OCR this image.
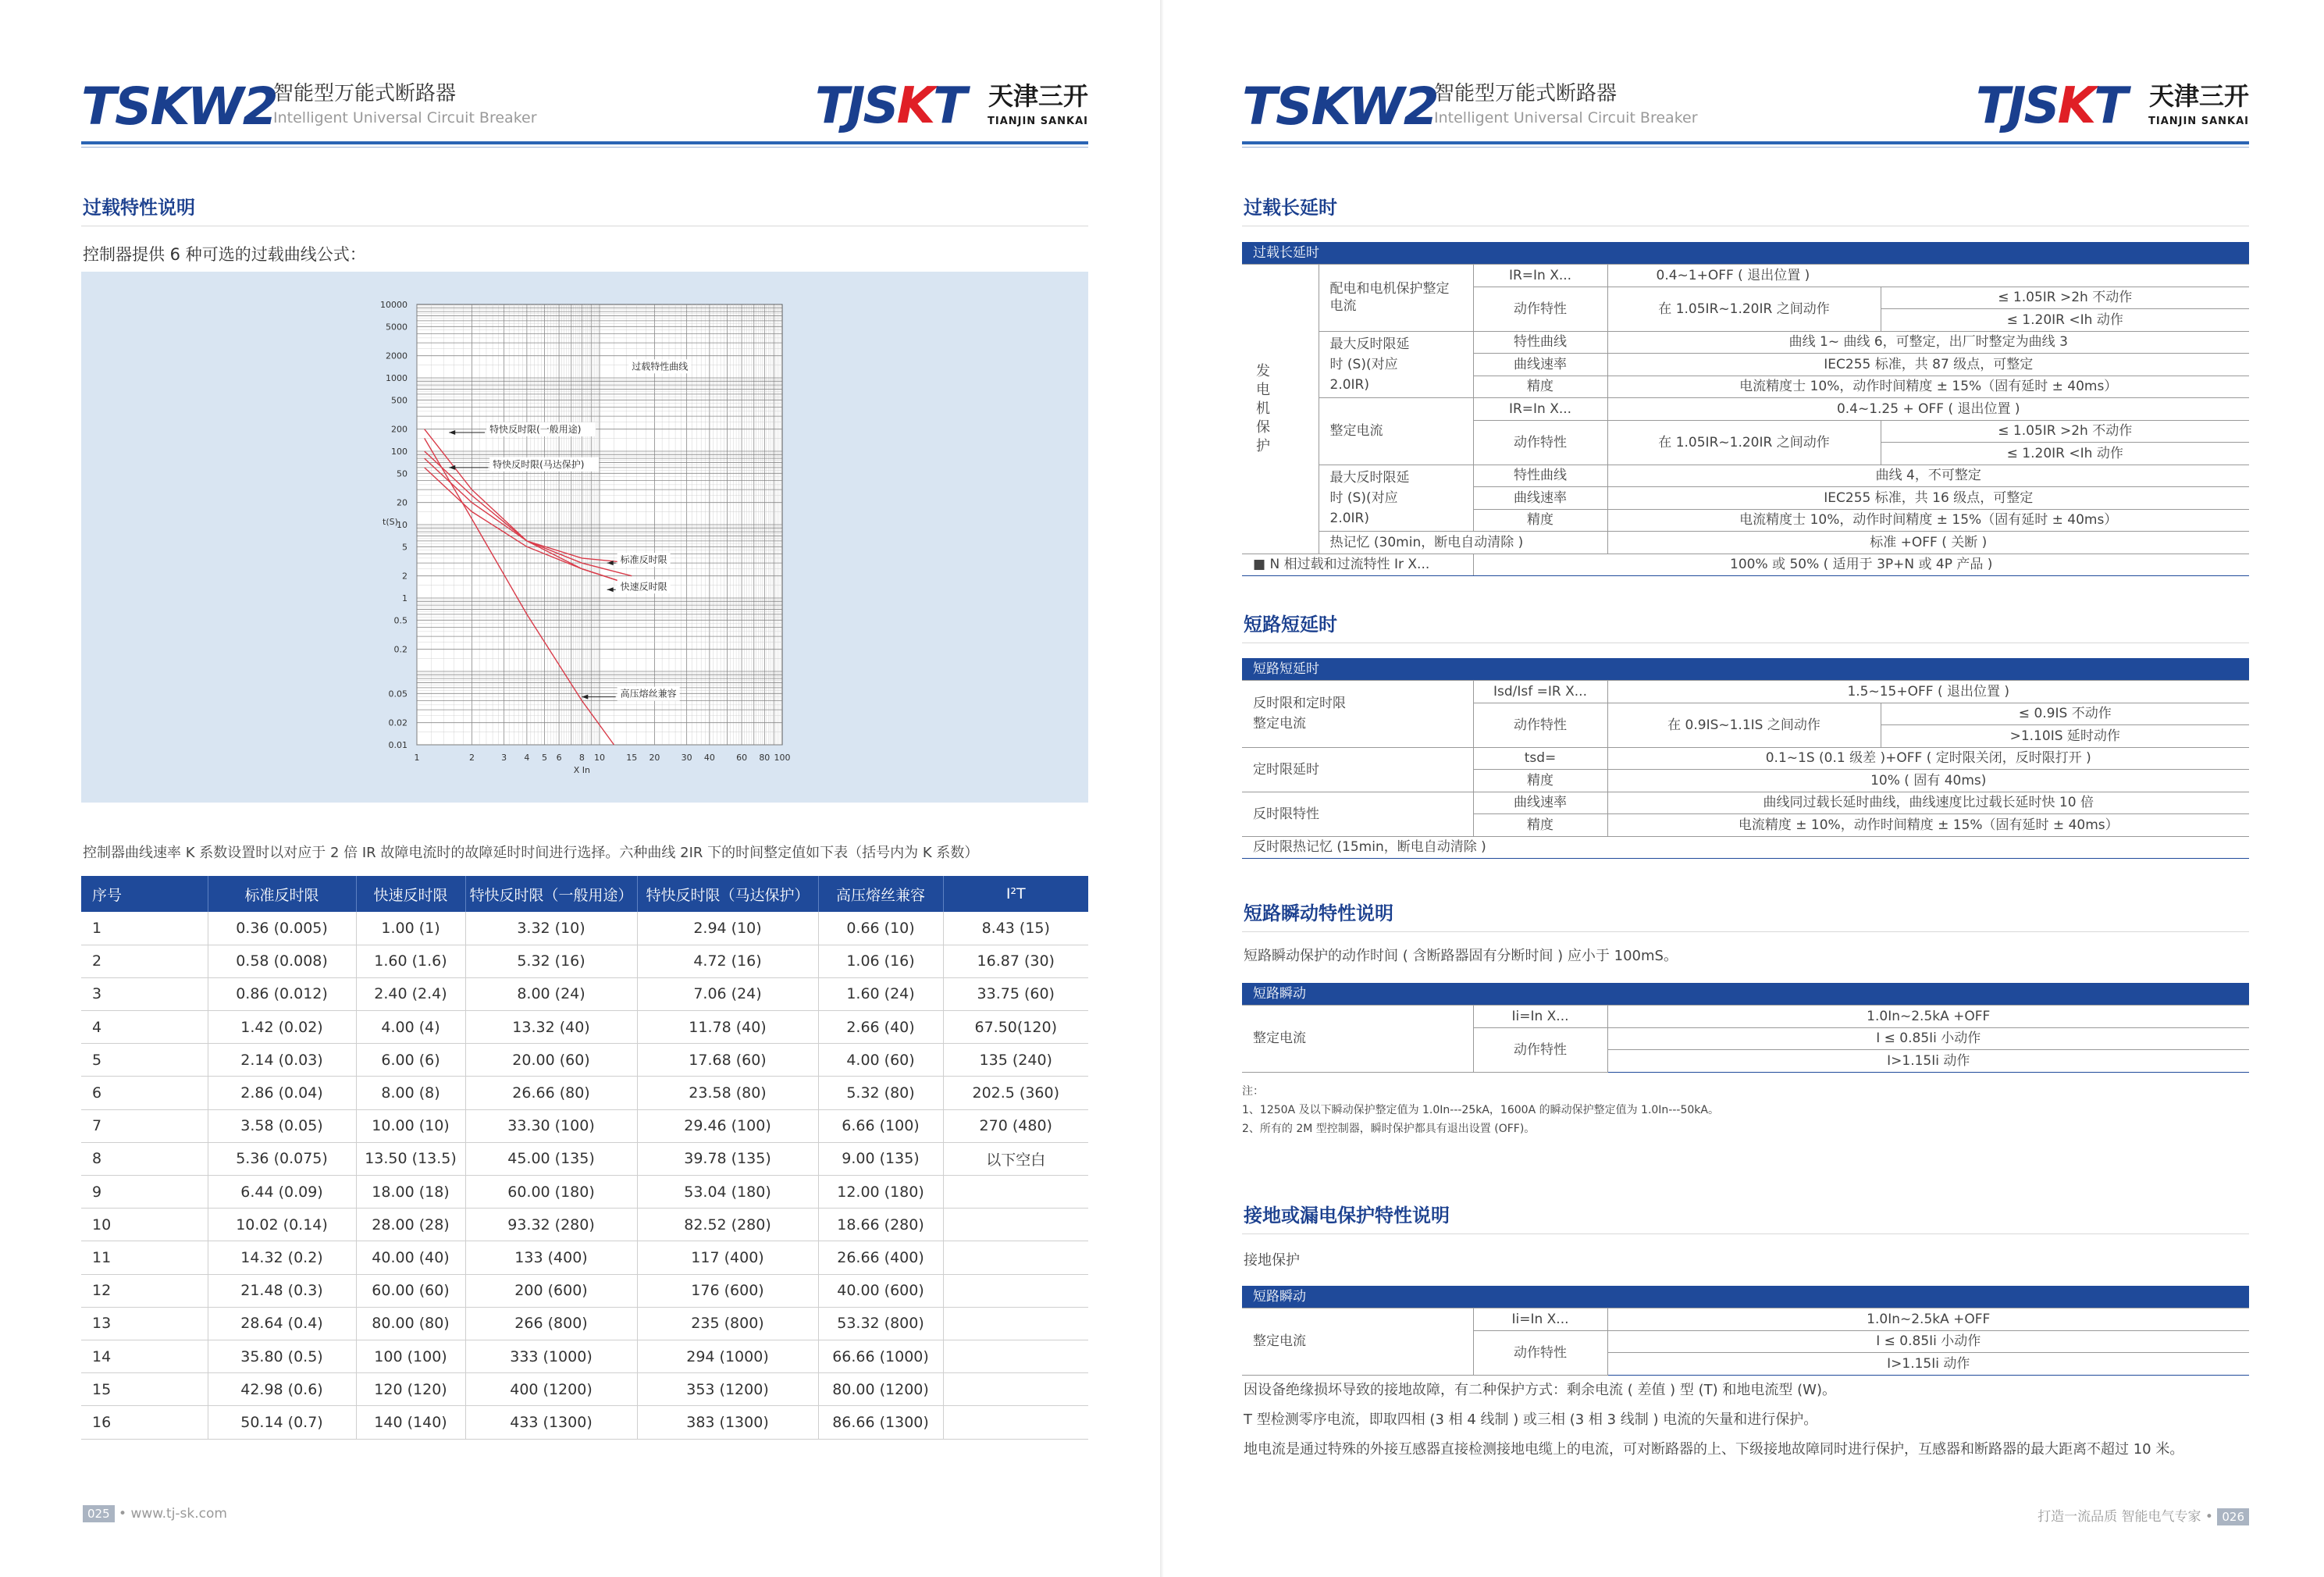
TSKW2
智能型万能式断路器
Intelligent Universal Circuit Breaker	TJSKT 天津三开
TIANJIN SANKAI
过载特性说明
控制器提供 6 种可选的过载曲线公式：
10000
5000
2000
1000
500
200
100
50
20
10
5
2
1
0.5
0.2
0.05
0.02
0.01
1	2	3 4 5 6 8 10 15 20 30 40 60 80 100
t(S)
X In
过载特性曲线
特快反时限(一般用途)
特快反时限(马达保护)
标准反时限
快速反时限
高压熔丝兼容
控制器曲线速率 K 系数设置时以对应于 2 倍 IR 故障电流时的故障延时时间进行选择。六种曲线 2IR 下的时间整定值如下表（括号内为 K 系数）
序号	标准反时限	快速反时限	特快反时限（一般用途）	特快反时限（马达保护）	高压熔丝兼容	I²T
1	0.36 (0.005)	1.00 (1)	3.32 (10)	2.94 (10)	0.66 (10)	8.43 (15)
2	0.58 (0.008)	1.60 (1.6)	5.32 (16)	4.72 (16)	1.06 (16)	16.87 (30)
3	0.86 (0.012)	2.40 (2.4)	8.00 (24)	7.06 (24)	1.60 (24)	33.75 (60)
4	1.42 (0.02)	4.00 (4)	13.32 (40)	11.78 (40)	2.66 (40)	67.50(120)
5	2.14 (0.03)	6.00 (6)	20.00 (60)	17.68 (60)	4.00 (60)	135 (240)
6	2.86 (0.04)	8.00 (8)	26.66 (80)	23.58 (80)	5.32 (80)	202.5 (360)
7	3.58 (0.05)	10.00 (10)	33.30 (100)	29.46 (100)	6.66 (100)	270 (480)
8	5.36 (0.075)	13.50 (13.5)	45.00 (135)	39.78 (135)	9.00 (135)	以下空白
9	6.44 (0.09)	18.00 (18)	60.00 (180)	53.04 (180)	12.00 (180)	
10	10.02 (0.14)	28.00 (28)	93.32 (280)	82.52 (280)	18.66 (280)	
11	14.32 (0.2)	40.00 (40)	133 (400)	117 (400)	26.66 (400)	
12	21.48 (0.3)	60.00 (60)	200 (600)	176 (600)	40.00 (600)	
13	28.64 (0.4)	80.00 (80)	266 (800)	235 (800)	53.32 (800)	
14	35.80 (0.5)	100 (100)	333 (1000)	294 (1000)	66.66 (1000)	
15	42.98 (0.6)	120 (120)	400 (1200)	353 (1200)	80.00 (1200)	
16	50.14 (0.7)	140 (140)	433 (1300)	383 (1300)	86.66 (1300)	
025 • www.tj-sk.com
TSKW2
智能型万能式断路器
Intelligent Universal Circuit Breaker	TJSKT 天津三开
TIANJIN SANKAI
过载长延时
过载长延时
发电机保护	配电和电机保护整定电流	IR=In X...	0.4~1+OFF ( 退出位置 )	
		动作特性	在 1.05IR~1.20IR 之间动作	≤ 1.05IR >2h 不动作
				≤ 1.20IR <Ih 动作
	最大反时限延时 (S)(对应 2.0IR)	特性曲线	曲线 1~ 曲线 6，可整定，出厂时整定为曲线 3	
		曲线速率	IEC255 标准，共 87 级点，可整定	
		精度	电流精度士 10%，动作时间精度 ± 15%（固有延时 ± 40ms）	
	整定电流	IR=In X...	0.4~1.25 + OFF ( 退出位置 )	
		动作特性	在 1.05IR~1.20IR 之间动作	≤ 1.05IR >2h 不动作
				≤ 1.20IR <Ih 动作
	最大反时限延时 (S)(对应 2.0IR)	特性曲线	曲线 4，不可整定	
		曲线速率	IEC255 标准，共 16 级点，可整定	
		精度	电流精度士 10%，动作时间精度 ± 15%（固有延时 ± 40ms）	
	热记忆 (30min，断电自动清除 )		标准 +OFF ( 关断 )	
■ N 相过载和过流特性 Ir X...		100% 或 50% ( 适用于 3P+N 或 4P 产品 )		
短路短延时
短路短延时
反时限和定时限整定电流	Isd/Isf =IR X...	1.5~15+OFF ( 退出位置 )	
	动作特性	在 0.9IS~1.1IS 之间动作	≤ 0.9IS 不动作
			>1.10IS 延时动作
定时限延时	tsd=	0.1~1S (0.1 级差 )+OFF ( 定时限关闭，反时限打开 )	
	精度	10% ( 固有 40ms)	
反时限特性	曲线速率	曲线同过载长延时曲线，曲线速度比过载长延时快 10 倍	
	精度	电流精度 ± 10%，动作时间精度 ± 15%（固有延时 ± 40ms）	
反时限热记忆 (15min，断电自动清除 )			
短路瞬动特性说明
短路瞬动保护的动作时间 ( 含断路器固有分断时间 ) 应小于 100mS。
短路瞬动
整定电流	Ii=In X...	1.0In~2.5kA +OFF
	动作特性	I ≤ 0.85Ii 小动作
		I>1.15Ii 动作
注：
1、1250A 及以下瞬动保护整定值为 1.0In---25kA，1600A 的瞬动保护整定值为 1.0In---50kA。
2、所有的 2M 型控制器，瞬时保护都具有退出设置 (OFF)。
接地或漏电保护特性说明
接地保护
短路瞬动
整定电流	Ii=In X...	1.0In~2.5kA +OFF
	动作特性	I ≤ 0.85Ii 小动作
		I>1.15Ii 动作
因设备绝缘损坏导致的接地故障，有二种保护方式：剩余电流 ( 差值 ) 型 (T) 和地电流型 (W)。
T 型检测零序电流，即取四相 (3 相 4 线制 ) 或三相 (3 相 3 线制 ) 电流的矢量和进行保护。
地电流是通过特殊的外接互感器直接检测接地电缆上的电流，可对断路器的上、下级接地故障同时进行保护，互感器和断路器的最大距离不超过 10 米。
打造一流品质 智能电气专家 • 026
